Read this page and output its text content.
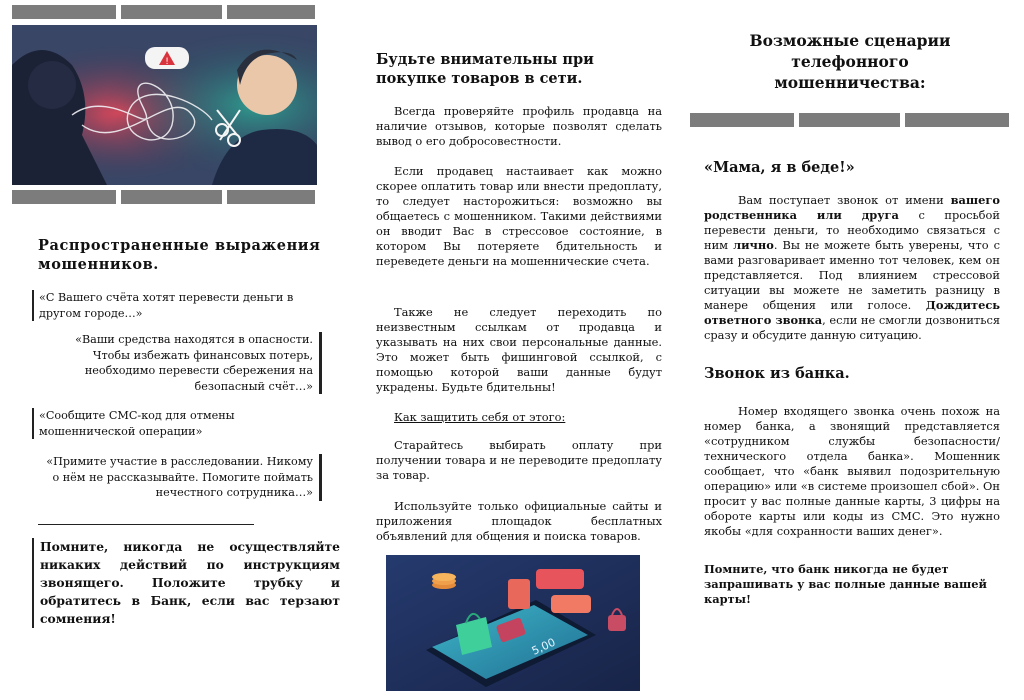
!
Распространенные выражения мошенников.
«С Вашего счёта хотят перевести деньги в другом городе…»
«Ваши средства находятся в опасности. Чтобы избежать финансовых потерь, необходимо перевести сбережения на безопасный счёт…»
«Сообщите СМС-код для отмены мошеннической операции»
«Примите участие в расследовании. Никому о нём не рассказывайте. Помогите поймать нечестного сотрудника…»
Помните, никогда не осуществляйте никаких действий по инструкциям звонящего. Положите трубку и обратитесь в Банк, если вас терзают сомнения!
Будьте внимательны при покупке товаров в сети.
Всегда проверяйте профиль продавца на наличие отзывов, которые позволят сделать вывод о его добросовестности.
Если продавец настаивает как можно скорее оплатить товар или внести предоплату, то следует насторожиться: возможно вы общаетесь с мошенником. Такими действиями он вводит Вас в стрессовое состояние, в котором Вы потеряете бдительность и переведете деньги на мошеннические счета.
Также не следует переходить по неизвестным ссылкам от продавца и указывать на них свои персональные данные. Это может быть фишинговой ссылкой, с помощью которой ваши данные будут украдены. Будьте бдительны!
Как защитить себя от этого:
Старайтесь выбирать оплату при получении товара и не переводите предоплату за товар.
Используйте только официальные сайты и приложения площадок бесплатных объявлений для общения и поиска товаров.
5,00
Возможные сценарии телефонного мошенничества:
«Мама, я в беде!»
Вам поступает звонок от имени вашего родственника или друга с просьбой перевести деньги, то необходимо связаться с ним лично. Вы не можете быть уверены, что с вами разговаривает именно тот человек, кем он представляется. Под влиянием стрессовой ситуации вы можете не заметить разницу в манере общения или голосе. Дождитесь ответного звонка, если не смогли дозвониться сразу и обсудите данную ситуацию.
Звонок из банка.
Номер входящего звонка очень похож на номер банка, а звонящий представляется «сотрудником службы безопасности/ технического отдела банка». Мошенник сообщает, что «банк выявил подозрительную операцию» или «в системе произошел сбой». Он просит у вас полные данные карты, 3 цифры на обороте карты или коды из СМС. Это нужно якобы «для сохранности ваших денег».
Помните, что банк никогда не будет запрашивать у вас полные данные вашей карты!
